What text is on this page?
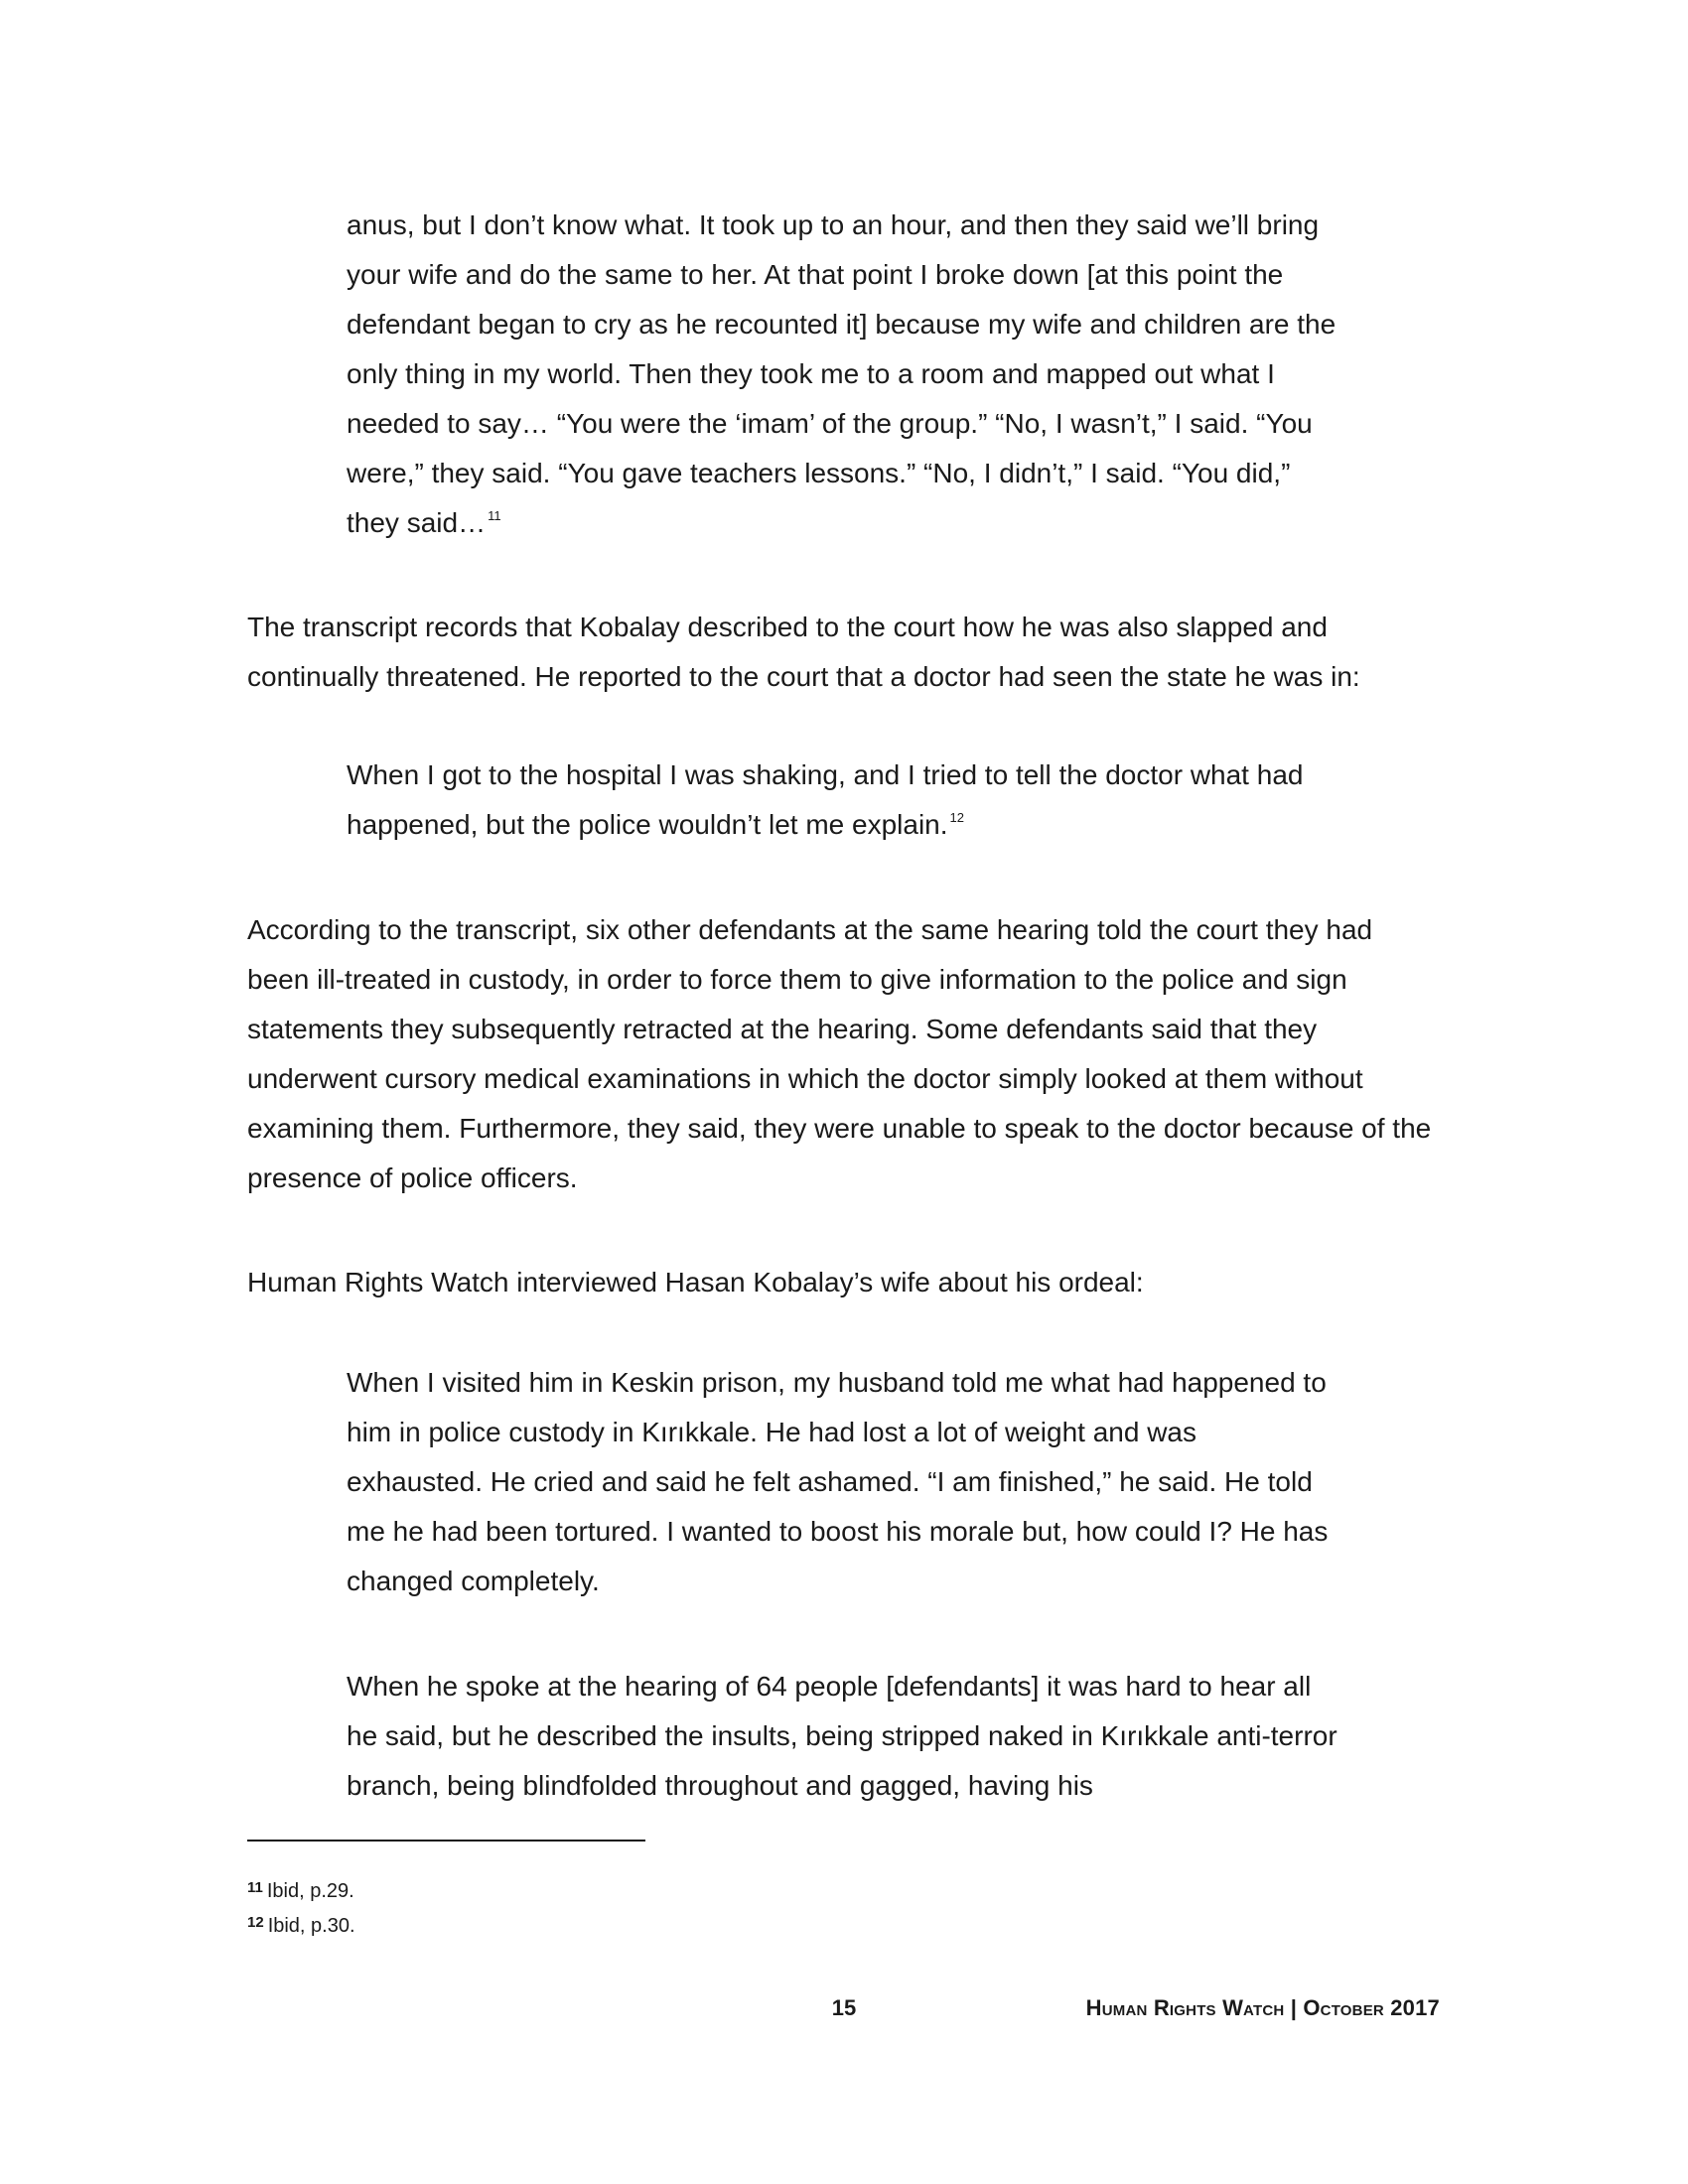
anus, but I don’t know what. It took up to an hour, and then they said we’ll bring your wife and do the same to her. At that point I broke down [at this point the defendant began to cry as he recounted it] because my wife and children are the only thing in my world. Then they took me to a room and mapped out what I needed to say… “You were the ‘imam’ of the group.” “No, I wasn’t,” I said. “You were,” they said. “You gave teachers lessons.” “No, I didn’t,” I said. “You did,” they said… $^{11}$

The transcript records that Kobalay described to the court how he was also slapped and continually threatened. He reported to the court that a doctor had seen the state he was in:

When I got to the hospital I was shaking, and I tried to tell the doctor what had happened, but the police wouldn’t let me explain. $^{12}$

According to the transcript, six other defendants at the same hearing told the court they had been ill-treated in custody, in order to force them to give information to the police and sign statements they subsequently retracted at the hearing. Some defendants said that they underwent cursory medical examinations in which the doctor simply looked at them without examining them. Furthermore, they said, they were unable to speak to the doctor because of the presence of police officers.

Human Rights Watch interviewed Hasan Kobalay’s wife about his ordeal:

When I visited him in Keskin prison, my husband told me what had happened to him in police custody in Kırıkkale. He had lost a lot of weight and was exhausted. He cried and said he felt ashamed. “I am finished,” he said. He told me he had been tortured. I wanted to boost his morale but, how could I? He has changed completely.

When he spoke at the hearing of 64 people [defendants] it was hard to hear all he said, but he described the insults, being stripped naked in Kırıkkale anti-terror branch, being blindfolded throughout and gagged, having his

$^{11}$ Ibid, p.29.
$^{12}$ Ibid, p.30.
15	Human Rights Watch | October 2017
